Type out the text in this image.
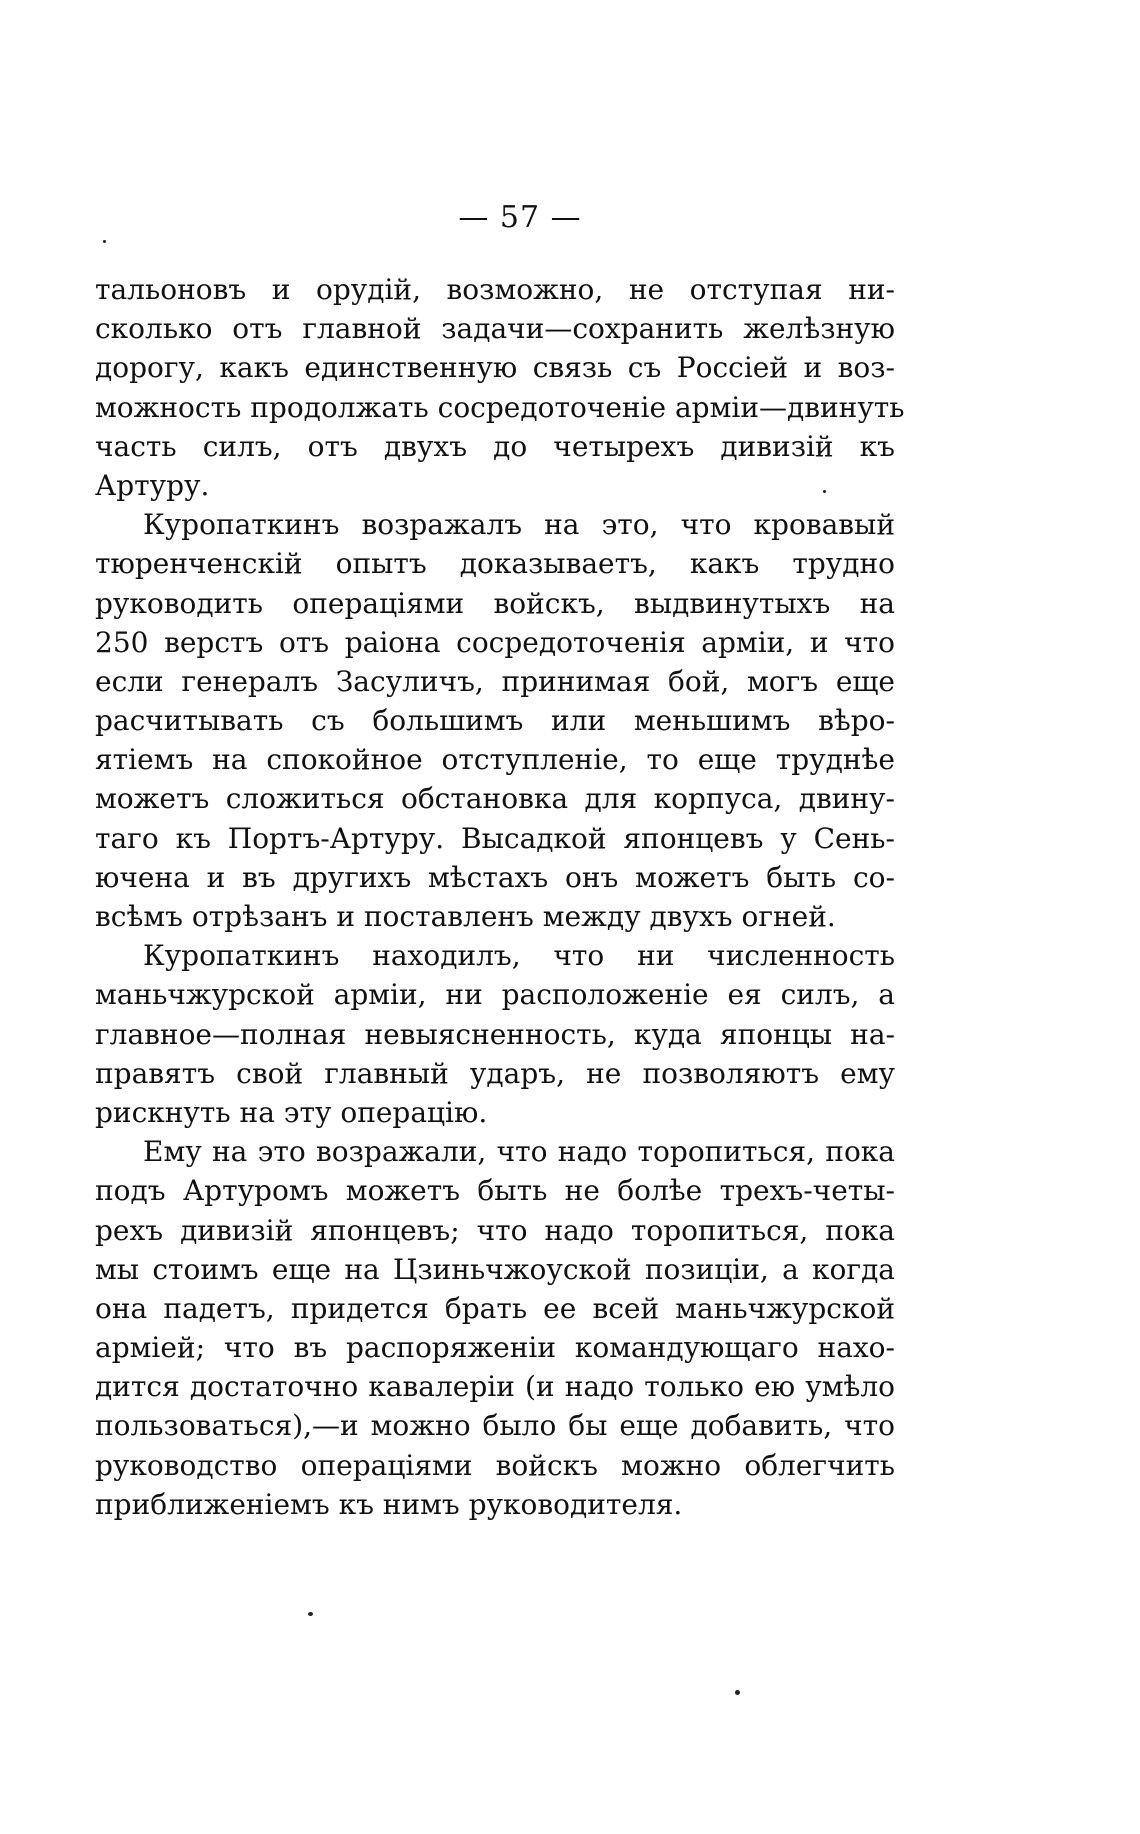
— 57 —

тальоновъ и орудій, возможно, не отступая ни-
сколько отъ главной задачи—сохранить желѣзную
дорогу, какъ единственную связь съ Россіей и воз-
можность продолжать сосредоточеніе арміи—двинуть
часть силъ, отъ двухъ до четырехъ дивизій къ
Артуру.

Куропаткинъ возражалъ на это, что кровавый
тюренченскій опытъ доказываетъ, какъ трудно
руководить операціями войскъ, выдвинутыхъ на
250 верстъ отъ раіона сосредоточенія арміи, и что
если генералъ Засуличъ, принимая бой, могъ еще
расчитывать съ большимъ или меньшимъ вѣро-
ятіемъ на спокойное отступленіе, то еще труднѣе
можетъ сложиться обстановка для корпуса, двину-
таго къ Портъ-Артуру. Высадкой японцевъ у Сень-
ючена и въ другихъ мѣстахъ онъ можетъ быть со-
всѣмъ отрѣзанъ и поставленъ между двухъ огней.

Куропаткинъ находилъ, что ни численность
маньчжурской арміи, ни расположеніе ея силъ, а
главное—полная невыясненность, куда японцы на-
правятъ свой главный ударъ, не позволяютъ ему
рискнуть на эту операцію.

Ему на это возражали, что надо торопиться, пока
подъ Артуромъ можетъ быть не болѣе трехъ-четы-
рехъ дивизій японцевъ; что надо торопиться, пока
мы стоимъ еще на Цзиньчжоуской позиціи, а когда
она падетъ, придется брать ее всей маньчжурской
арміей; что въ распоряженіи командующаго нахо-
дится достаточно кавалеріи (и надо только ею умѣло
пользоваться),—и можно было бы еще добавить, что
руководство операціями войскъ можно облегчить
приближеніемъ къ нимъ руководителя.
